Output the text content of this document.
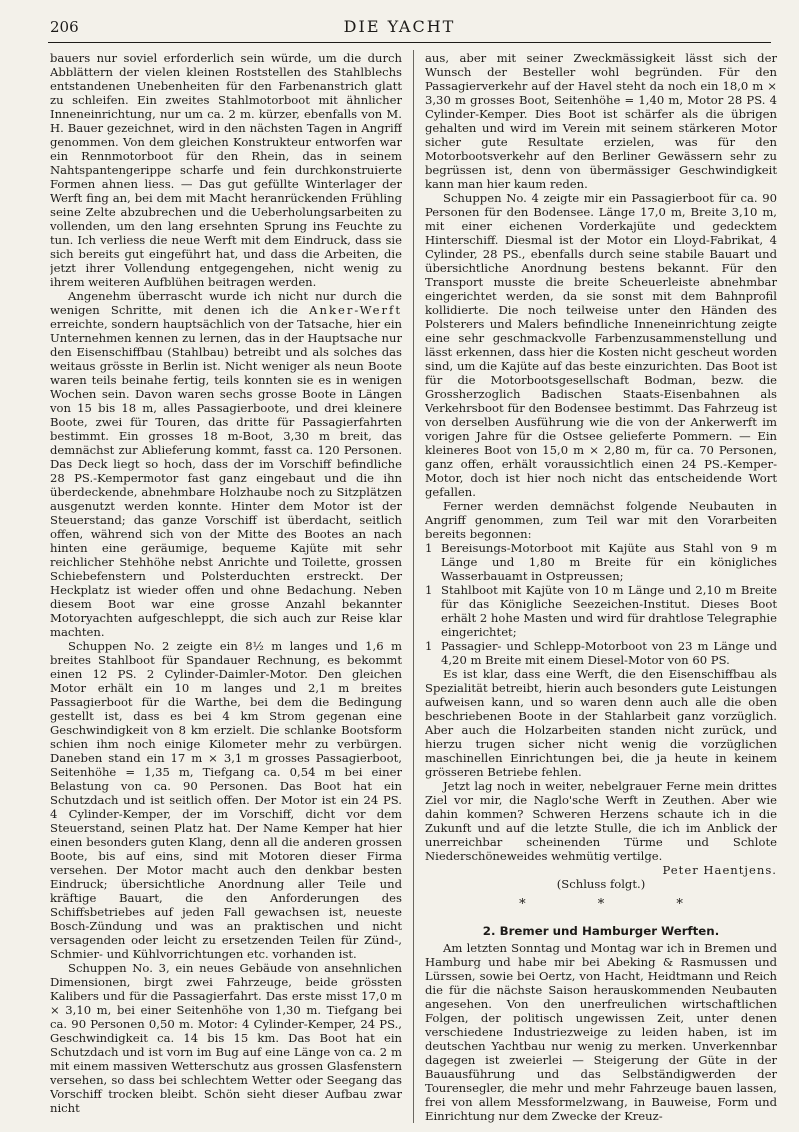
206	DIE YACHT

bauers nur soviel erforderlich sein würde, um die durch Abblättern der vielen kleinen Roststellen des Stahlblechs entstandenen Unebenheiten für den Farbenanstrich glatt zu schleifen. Ein zweites Stahlmotorboot mit ähnlicher Inneneinrichtung, nur um ca. 2 m. kürzer, ebenfalls von M. H. Bauer gezeichnet, wird in den nächsten Tagen in Angriff genommen. Von dem gleichen Konstrukteur entworfen war ein Rennmotorboot für den Rhein, das in seinem Nahtspantengerippe scharfe und fein durchkonstruierte Formen ahnen liess. — Das gut gefüllte Winterlager der Werft fing an, bei dem mit Macht heranrückenden Frühling seine Zelte abzubrechen und die Ueberholungsarbeiten zu vollenden, um den lang ersehnten Sprung ins Feuchte zu tun. Ich verliess die neue Werft mit dem Eindruck, dass sie sich bereits gut eingeführt hat, und dass die Arbeiten, die jetzt ihrer Vollendung entgegengehen, nicht wenig zu ihrem weiteren Aufblühen beitragen werden.

Angenehm überrascht wurde ich nicht nur durch die wenigen Schritte, mit denen ich die Anker-Werft erreichte, sondern hauptsächlich von der Tatsache, hier ein Unternehmen kennen zu lernen, das in der Hauptsache nur den Eisenschiffbau (Stahlbau) betreibt und als solches das weitaus grösste in Berlin ist. Nicht weniger als neun Boote waren teils beinahe fertig, teils konnten sie es in wenigen Wochen sein. Davon waren sechs grosse Boote in Längen von 15 bis 18 m, alles Passagierboote, und drei kleinere Boote, zwei für Touren, das dritte für Passagierfahrten bestimmt. Ein grosses 18 m-Boot, 3,30 m breit, das demnächst zur Ablieferung kommt, fasst ca. 120 Personen. Das Deck liegt so hoch, dass der im Vorschiff befindliche 28 PS.-Kempermotor fast ganz eingebaut und die ihn überdeckende, abnehmbare Holzhaube noch zu Sitzplätzen ausgenutzt werden konnte. Hinter dem Motor ist der Steuerstand; das ganze Vorschiff ist überdacht, seitlich offen, während sich von der Mitte des Bootes an nach hinten eine geräumige, bequeme Kajüte mit sehr reichlicher Stehhöhe nebst Anrichte und Toilette, grossen Schiebefenstern und Polsterduchten erstreckt. Der Heckplatz ist wieder offen und ohne Bedachung. Neben diesem Boot war eine grosse Anzahl bekannter Motoryachten aufgeschleppt, die sich auch zur Reise klar machten.

Schuppen No. 2 zeigte ein 8½ m langes und 1,6 m breites Stahlboot für Spandauer Rechnung, es bekommt einen 12 PS. 2 Cylinder-Daimler-Motor. Den gleichen Motor erhält ein 10 m langes und 2,1 m breites Passagierboot für die Warthe, bei dem die Bedingung gestellt ist, dass es bei 4 km Strom gegenan eine Geschwindigkeit von 8 km erzielt. Die schlanke Bootsform schien ihm noch einige Kilometer mehr zu verbürgen. Daneben stand ein 17 m × 3,1 m grosses Passagierboot, Seitenhöhe = 1,35 m, Tiefgang ca. 0,54 m bei einer Belastung von ca. 90 Personen. Das Boot hat ein Schutzdach und ist seitlich offen. Der Motor ist ein 24 PS. 4 Cylinder-Kemper, der im Vorschiff, dicht vor dem Steuerstand, seinen Platz hat. Der Name Kemper hat hier einen besonders guten Klang, denn all die anderen grossen Boote, bis auf eins, sind mit Motoren dieser Firma versehen. Der Motor macht auch den denkbar besten Eindruck; übersichtliche Anordnung aller Teile und kräftige Bauart, die den Anforderungen des Schiffsbetriebes auf jeden Fall gewachsen ist, neueste Bosch-Zündung und was an praktischen und nicht versagenden oder leicht zu ersetzenden Teilen für Zünd-, Schmier- und Kühlvorrichtungen etc. vorhanden ist.

Schuppen No. 3, ein neues Gebäude von ansehnlichen Dimensionen, birgt zwei Fahrzeuge, beide grössten Kalibers und für die Passagierfahrt. Das erste misst 17,0 m × 3,10 m, bei einer Seitenhöhe von 1,30 m. Tiefgang bei ca. 90 Personen 0,50 m. Motor: 4 Cylinder-Kemper, 24 PS., Geschwindigkeit ca. 14 bis 15 km. Das Boot hat ein Schutzdach und ist vorn im Bug auf eine Länge von ca. 2 m mit einem massiven Wetterschutz aus grossen Glasfenstern versehen, so dass bei schlechtem Wetter oder Seegang das Vorschiff trocken bleibt. Schön sieht dieser Aufbau zwar nicht

aus, aber mit seiner Zweckmässigkeit lässt sich der Wunsch der Besteller wohl begründen. Für den Passagierverkehr auf der Havel steht da noch ein 18,0 m × 3,30 m grosses Boot, Seitenhöhe = 1,40 m, Motor 28 PS. 4 Cylinder-Kemper. Dies Boot ist schärfer als die übrigen gehalten und wird im Verein mit seinem stärkeren Motor sicher gute Resultate erzielen, was für den Motorbootsverkehr auf den Berliner Gewässern sehr zu begrüssen ist, denn von übermässiger Geschwindigkeit kann man hier kaum reden.

Schuppen No. 4 zeigte mir ein Passagierboot für ca. 90 Personen für den Bodensee. Länge 17,0 m, Breite 3,10 m, mit einer eichenen Vorderkajüte und gedecktem Hinterschiff. Diesmal ist der Motor ein Lloyd-Fabrikat, 4 Cylinder, 28 PS., ebenfalls durch seine stabile Bauart und übersichtliche Anordnung bestens bekannt. Für den Transport musste die breite Scheuerleiste abnehmbar eingerichtet werden, da sie sonst mit dem Bahnprofil kollidierte. Die noch teilweise unter den Händen des Polsterers und Malers befindliche Inneneinrichtung zeigte eine sehr geschmackvolle Farbenzusammenstellung und lässt erkennen, dass hier die Kosten nicht gescheut worden sind, um die Kajüte auf das beste einzurichten. Das Boot ist für die Motorbootsgesellschaft Bodman, bezw. die Grossherzoglich Badischen Staats-Eisenbahnen als Verkehrsboot für den Bodensee bestimmt. Das Fahrzeug ist von derselben Ausführung wie die von der Ankerwerft im vorigen Jahre für die Ostsee gelieferte Pommern. — Ein kleineres Boot von 15,0 m × 2,80 m, für ca. 70 Personen, ganz offen, erhält voraussichtlich einen 24 PS.-Kemper-Motor, doch ist hier noch nicht das entscheidende Wort gefallen.

Ferner werden demnächst folgende Neubauten in Angriff genommen, zum Teil war mit den Vorarbeiten bereits begonnen:

1 Bereisungs-Motorboot mit Kajüte aus Stahl von 9 m Länge und 1,80 m Breite für ein königliches Wasserbauamt in Ostpreussen;
1 Stahlboot mit Kajüte von 10 m Länge und 2,10 m Breite für das Königliche Seezeichen-Institut. Dieses Boot erhält 2 hohe Masten und wird für drahtlose Telegraphie eingerichtet;
1 Passagier- und Schlepp-Motorboot von 23 m Länge und 4,20 m Breite mit einem Diesel-Motor von 60 PS.

Es ist klar, dass eine Werft, die den Eisenschiffbau als Spezialität betreibt, hierin auch besonders gute Leistungen aufweisen kann, und so waren denn auch alle die oben beschriebenen Boote in der Stahlarbeit ganz vorzüglich. Aber auch die Holzarbeiten standen nicht zurück, und hierzu trugen sicher nicht wenig die vorzüglichen maschinellen Einrichtungen bei, die ja heute in keinem grösseren Betriebe fehlen.

Jetzt lag noch in weiter, nebelgrauer Ferne mein drittes Ziel vor mir, die Naglo'sche Werft in Zeuthen. Aber wie dahin kommen? Schweren Herzens schaute ich in die Zukunft und auf die letzte Stulle, die ich im Anblick der unerreichbar scheinenden Türme und Schlote Niederschöneweides wehmütig vertilge.

Peter Haentjens.
(Schluss folgt.)
* * *
2. Bremer und Hamburger Werften.

Am letzten Sonntag und Montag war ich in Bremen und Hamburg und habe mir bei Abeking & Rasmussen und Lürssen, sowie bei Oertz, von Hacht, Heidtmann und Reich die für die nächste Saison herauskommenden Neubauten angesehen. Von den unerfreulichen wirtschaftlichen Folgen, der politisch ungewissen Zeit, unter denen verschiedene Industriezweige zu leiden haben, ist im deutschen Yachtbau nur wenig zu merken. Unverkennbar dagegen ist zweierlei — Steigerung der Güte in der Bauausführung und das Selbständigwerden der Tourensegler, die mehr und mehr Fahrzeuge bauen lassen, frei von allem Messformelzwang, in Bauweise, Form und Einrichtung nur dem Zwecke der Kreuz-
